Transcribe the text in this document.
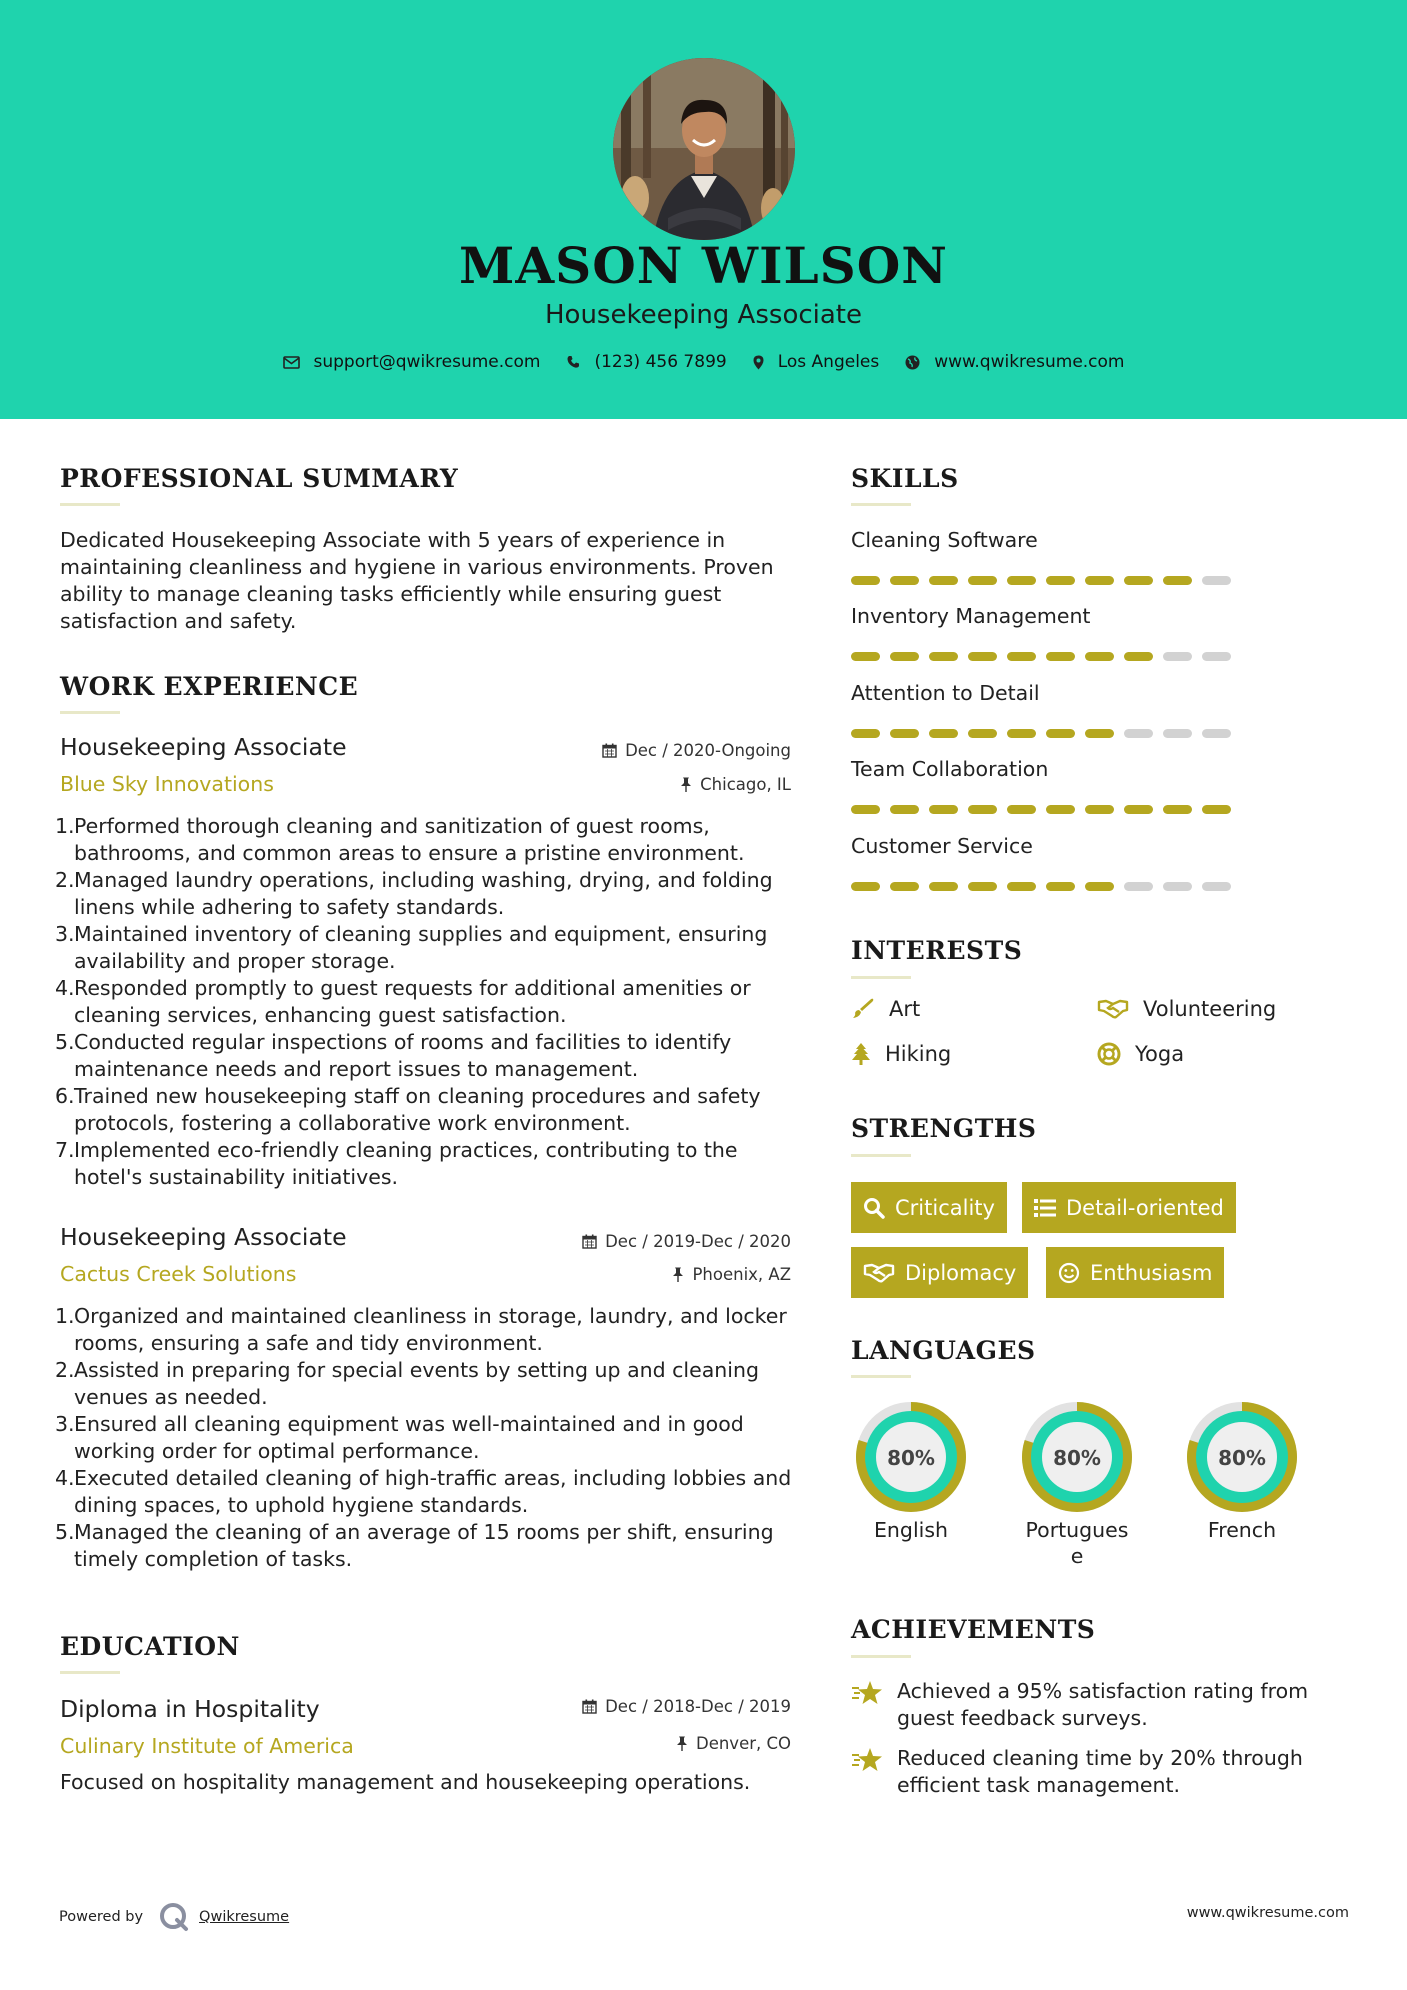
MASON WILSON
Housekeeping Associate
support@qwikresume.com	(123) 456 7899	Los Angeles	www.qwikresume.com
PROFESSIONAL SUMMARY
Dedicated Housekeeping Associate with 5 years of experience in maintaining cleanliness and hygiene in various environments. Proven ability to manage cleaning tasks efficiently while ensuring guest satisfaction and safety.
WORK EXPERIENCE
Housekeeping Associate	Dec / 2020-Ongoing
Blue Sky Innovations	Chicago, IL
1. Performed thorough cleaning and sanitization of guest rooms, bathrooms, and common areas to ensure a pristine environment.
2. Managed laundry operations, including washing, drying, and folding linens while adhering to safety standards.
3. Maintained inventory of cleaning supplies and equipment, ensuring availability and proper storage.
4. Responded promptly to guest requests for additional amenities or cleaning services, enhancing guest satisfaction.
5. Conducted regular inspections of rooms and facilities to identify maintenance needs and report issues to management.
6. Trained new housekeeping staff on cleaning procedures and safety protocols, fostering a collaborative work environment.
7. Implemented eco-friendly cleaning practices, contributing to the hotel's sustainability initiatives.
Housekeeping Associate	Dec / 2019-Dec / 2020
Cactus Creek Solutions	Phoenix, AZ
1. Organized and maintained cleanliness in storage, laundry, and locker rooms, ensuring a safe and tidy environment.
2. Assisted in preparing for special events by setting up and cleaning venues as needed.
3. Ensured all cleaning equipment was well-maintained and in good working order for optimal performance.
4. Executed detailed cleaning of high-traffic areas, including lobbies and dining spaces, to uphold hygiene standards.
5. Managed the cleaning of an average of 15 rooms per shift, ensuring timely completion of tasks.
EDUCATION
Diploma in Hospitality	Dec / 2018-Dec / 2019
Culinary Institute of America	Denver, CO
Focused on hospitality management and housekeeping operations.
SKILLS
Cleaning Software
Inventory Management
Attention to Detail
Team Collaboration
Customer Service
INTERESTS
Art	Volunteering
Hiking	Yoga
STRENGTHS
Criticality	Detail-oriented
Diplomacy	Enthusiasm
LANGUAGES
80%	80%	80%
English	Portugues e
French
ACHIEVEMENTS
Achieved a 95% satisfaction rating from guest feedback surveys.
Reduced cleaning time by 20% through efficient task management.
Powered by	Qwikresume	www.qwikresume.com
